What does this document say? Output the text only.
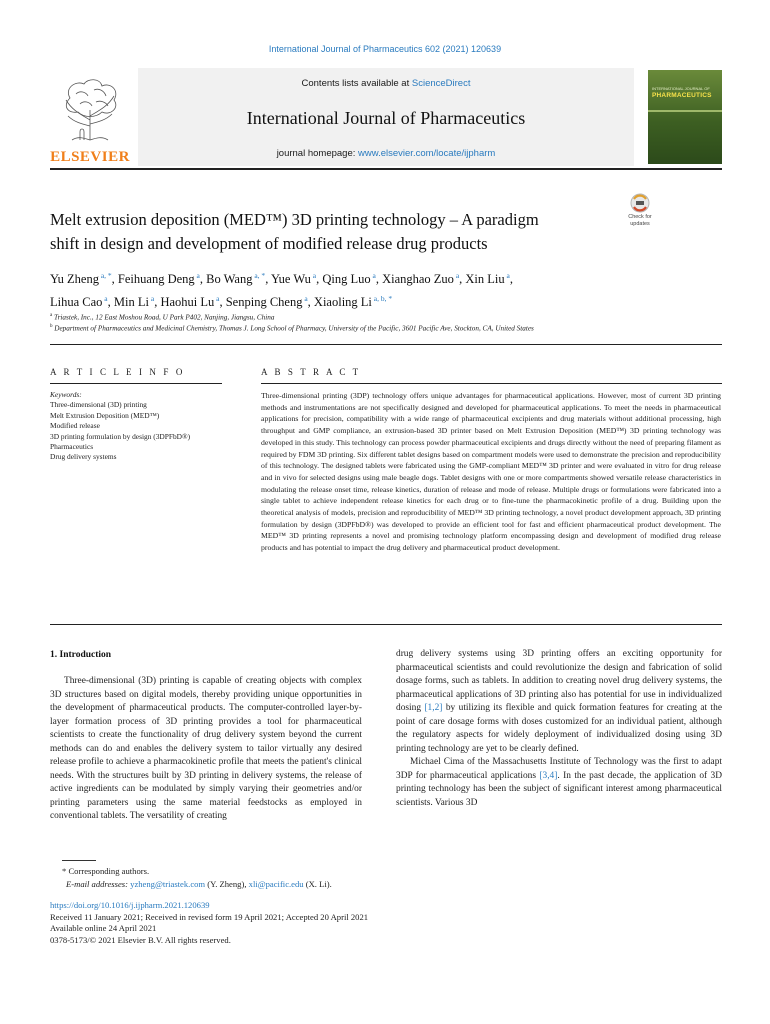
International Journal of Pharmaceutics 602 (2021) 120639
ELSEVIER
Contents lists available at ScienceDirect
International Journal of Pharmaceutics
journal homepage: www.elsevier.com/locate/ijpharm
INTERNATIONAL JOURNAL OF
PHARMACEUTICS
Melt extrusion deposition (MED™) 3D printing technology – A paradigm
shift in design and development of modified release drug products
Check for
updates
Yu Zheng $^{a, *}$, Feihuang Deng $^a$, Bo Wang $^{a, *}$, Yue Wu $^a$, Qing Luo $^a$, Xianghao Zuo $^a$, Xin Liu $^a$,
Lihua Cao $^a$, Min Li $^a$, Haohui Lu $^a$, Senping Cheng $^a$, Xiaoling Li $^{a, b, *}$
$^a$ Triastek, Inc., 12 East Moshou Road, U Park P402, Nanjing, Jiangsu, China
$^b$ Department of Pharmaceutics and Medicinal Chemistry, Thomas J. Long School of Pharmacy, University of the Pacific, 3601 Pacific Ave, Stockton, CA, United States
A R T I C L E I N F O
Keywords:
Three-dimensional (3D) printing
Melt Extrusion Deposition (MED™)
Modified release
3D printing formulation by design (3DPFbD®)
Pharmaceutics
Drug delivery systems
A B S T R A C T
Three-dimensional printing (3DP) technology offers unique advantages for pharmaceutical applications. However, most of current 3D printing methods and instrumentations are not specifically designed and developed for pharmaceutical applications. To meet the needs in pharmaceutical applications for precision, compatibility with a wide range of pharmaceutical excipients and drug materials without additional processing, high throughput and GMP compliance, an extrusion-based 3D printer based on Melt Extrusion Deposition (MED™) 3D printing technology was developed in this study. This technology can process powder pharmaceutical excipients and drugs directly without the need of preparing filament as required by FDM 3D printing. Six different tablet designs based on compartment models were used to demonstrate the precision and reproducibility of this technology. The designed tablets were fabricated using the GMP-compliant MED™ 3D printer and were evaluated in vitro for drug release and in vivo for selected designs using male beagle dogs. Tablet designs with one or more compartments showed versatile release characteristics in modulating the release onset time, release kinetics, duration of release and mode of release. Multiple drugs or formulations were fabricated into a single tablet to achieve independent release kinetics for each drug or to fine-tune the pharmacokinetic profile of a drug. Building upon the theoretical analysis of models, precision and reproducibility of MED™ 3D printing technology, a novel product development approach, 3D printing formulation by design (3DPFbD®) was developed to provide an efficient tool for fast and efficient pharmaceutical product development. The MED™ 3D printing represents a novel and promising technology platform encompassing design and development of modified drug release products and has potential to impact the drug delivery and pharmaceutical product development.
1. Introduction

Three-dimensional (3D) printing is capable of creating objects with complex 3D structures based on digital models, thereby providing unique opportunities in the development of pharmaceutical products. The computer-controlled layer-by-layer formation process of 3D printing provides a tool for pharmaceutical scientists to create the functionality of drug delivery system beyond the current methods can do and enables the delivery system to tailor virtually any desired release profile to achieve a pharmacokinetic profile that meets the patient's clinical needs. With the structures built by 3D printing in delivery systems, the release of active ingredients can be modulated by simply varying their geometries and/or printing parameters using the same material feedstocks as employed in conventional tablets. The versatility of creating

drug delivery systems using 3D printing offers an exciting opportunity for pharmaceutical scientists and could revolutionize the design and fabrication of solid dosage forms, such as tablets. In addition to creating novel drug delivery systems, the pharmaceutical applications of 3D printing also has potential for use in individualized dosing [1,2] by utilizing its flexible and quick formation features for creating at the point of care dosage forms with doses customized for an individual patient, although the regulatory aspects for widely deployment of individualized dosing using 3D printing technology are yet to be clearly defined.

Michael Cima of the Massachusetts Institute of Technology was the first to adapt 3DP for pharmaceutical applications [3,4]. In the past decade, the application of 3D printing technology has been the subject of significant interest among pharmaceutical scientists. Various 3D

* Corresponding authors.
E-mail addresses: yzheng@triastek.com (Y. Zheng), xli@pacific.edu (X. Li).
https://doi.org/10.1016/j.ijpharm.2021.120639
Received 11 January 2021; Received in revised form 19 April 2021; Accepted 20 April 2021
Available online 24 April 2021
0378-5173/© 2021 Elsevier B.V. All rights reserved.
